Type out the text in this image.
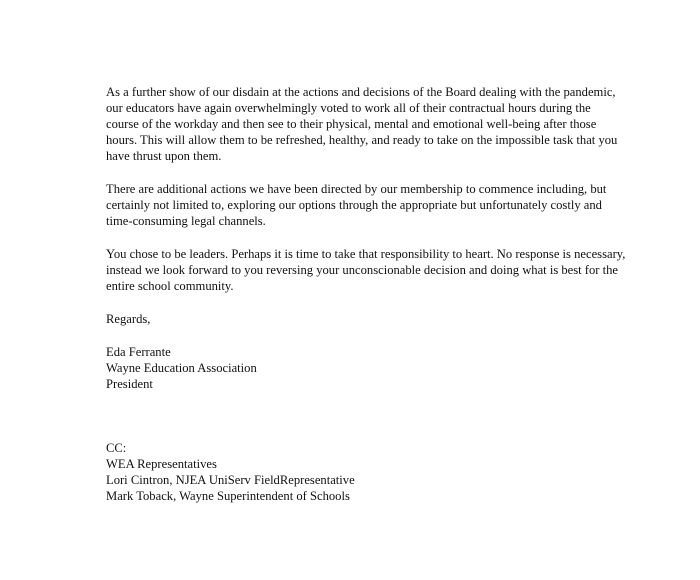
As a further show of our disdain at the actions and decisions of the Board dealing with the pandemic, our educators have again overwhelmingly voted to work all of their contractual hours during the course of the workday and then see to their physical, mental and emotional well-being after those hours. This will allow them to be refreshed, healthy, and ready to take on the impossible task that you have thrust upon them.

There are additional actions we have been directed by our membership to commence including, but certainly not limited to, exploring our options through the appropriate but unfortunately costly and time-consuming legal channels.

You chose to be leaders. Perhaps it is time to take that responsibility to heart. No response is necessary, instead we look forward to you reversing your unconscionable decision and doing what is best for the entire school community.

Regards,
Eda Ferrante
Wayne Education Association
President
CC:
WEA Representatives
Lori Cintron, NJEA UniServ FieldRepresentative
Mark Toback, Wayne Superintendent of Schools
